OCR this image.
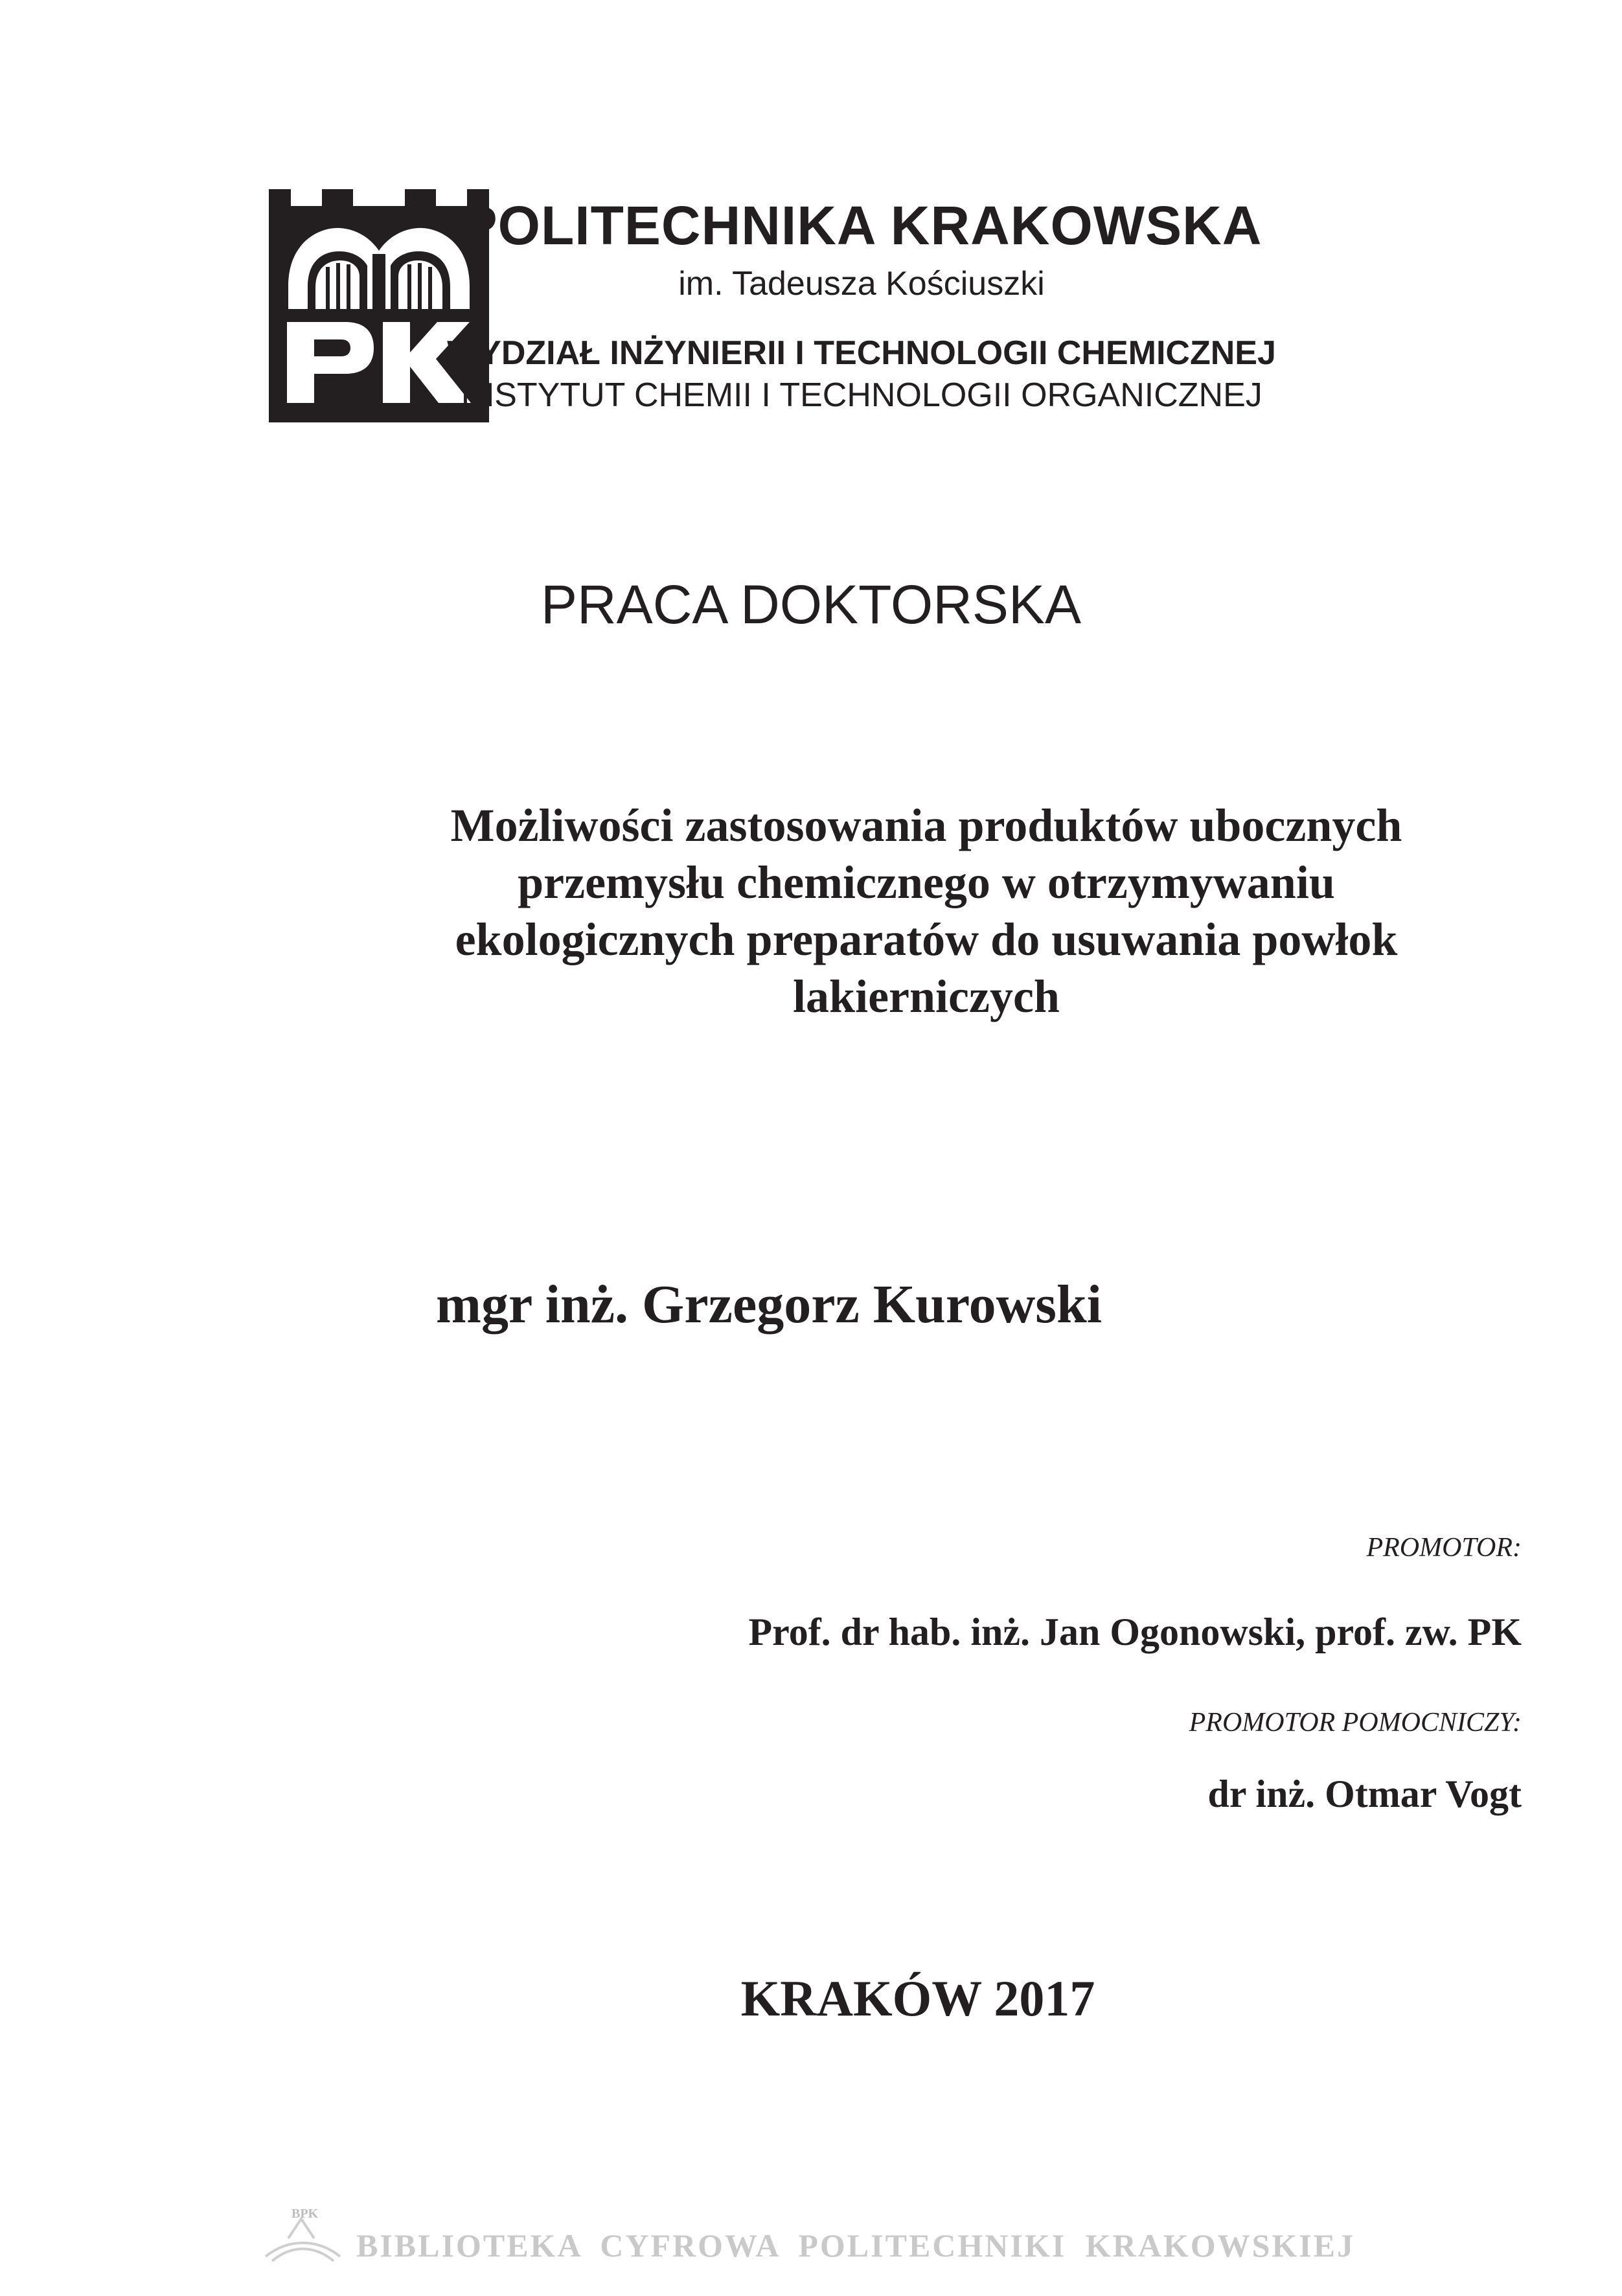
POLITECHNIKA KRAKOWSKA
im. Tadeusza Kościuszki
WYDZIAŁ INŻYNIERII I TECHNOLOGII CHEMICZNEJ
INSTYTUT CHEMII I TECHNOLOGII ORGANICZNEJ
PRACA DOKTORSKA
Możliwości zastosowania produktów ubocznych
przemysłu chemicznego w otrzymywaniu
ekologicznych preparatów do usuwania powłok
lakierniczych
mgr inż. Grzegorz Kurowski
PROMOTOR:
Prof. dr hab. inż. Jan Ogonowski, prof. zw. PK
PROMOTOR POMOCNICZY:
dr inż. Otmar Vogt
KRAKÓW 2017
BPK
BIBLIOTEKA CYFROWA POLITECHNIKI KRAKOWSKIEJ
